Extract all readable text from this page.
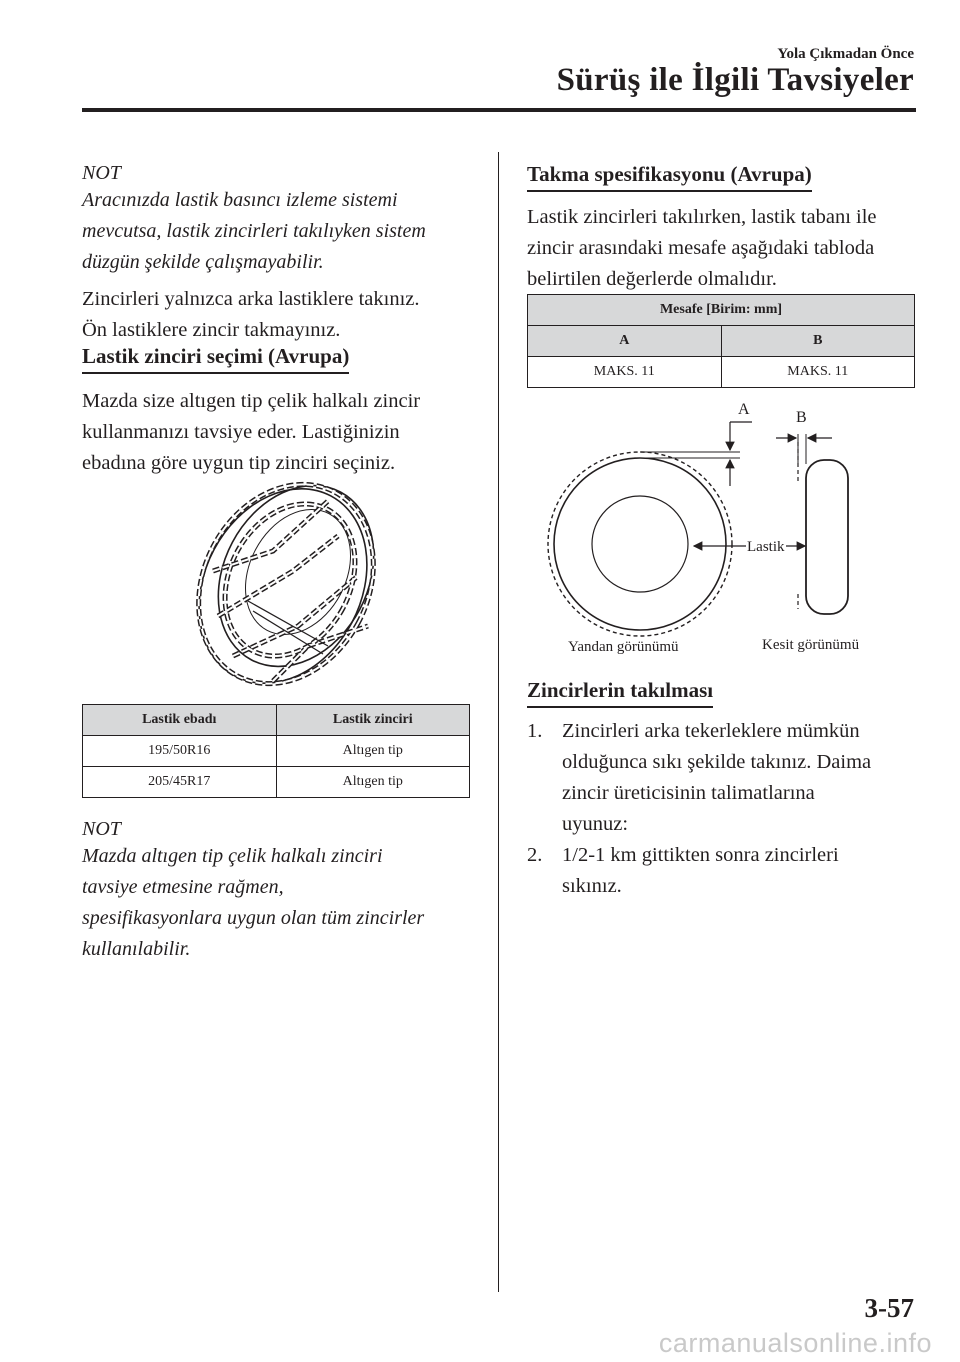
Yola Çıkmadan Önce
Sürüş ile İlgili Tavsiyeler
NOT
Aracınızda lastik basıncı izleme sistemi
mevcutsa, lastik zincirleri takılıyken sistem
düzgün şekilde çalışmayabilir.
Zincirleri yalnızca arka lastiklere takınız.
Ön lastiklere zincir takmayınız.
Lastik zinciri seçimi (Avrupa)
Mazda size altıgen tip çelik halkalı zincir
kullanmanızı tavsiye eder. Lastiğinizin
ebadına göre uygun tip zinciri seçiniz.
Lastik ebadı	Lastik zinciri
195/50R16	Altıgen tip
205/45R17	Altıgen tip
NOT
Mazda altıgen tip çelik halkalı zinciri
tavsiye etmesine rağmen,
spesifikasyonlara uygun olan tüm zincirler
kullanılabilir.
Takma spesifikasyonu (Avrupa)
Lastik zincirleri takılırken, lastik tabanı ile
zincir arasındaki mesafe aşağıdaki tabloda
belirtilen değerlerde olmalıdır.
Mesafe [Birim: mm]	
A	B
MAKS. 11	MAKS. 11
A	B
Lastik
Yandan görünümü	Kesit görünümü
Zincirlerin takılması
1. Zincirleri arka tekerleklere mümkün
olduğunca sıkı şekilde takınız. Daima
zincir üreticisinin talimatlarına
uyunuz:
2. 1/2-1 km gittikten sonra zincirleri
sıkınız.
3-57
carmanualsonline.info
